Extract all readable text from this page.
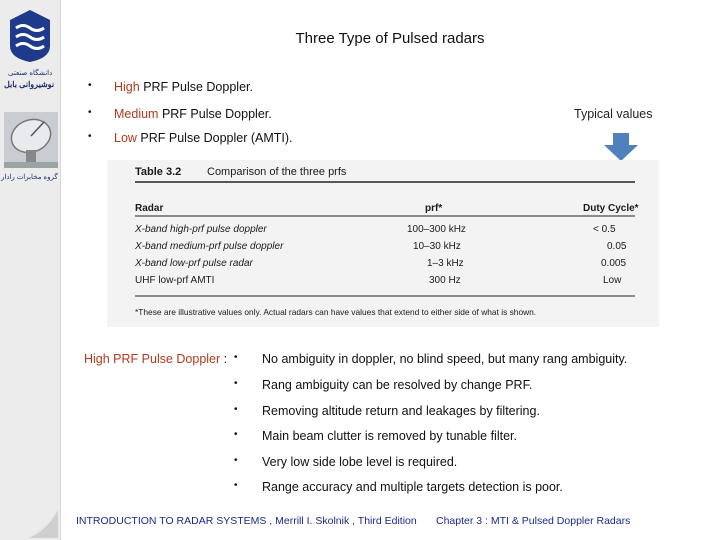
دانشگاه صنعتی
نوشیروانی بابل
گروه مخابرات رادار
Three Type of Pulsed radars
• High PRF Pulse Doppler.
• Medium PRF Pulse Doppler.
• Low PRF Pulse Doppler (AMTI).
Typical values
Table 3.2 Comparison of the three prfs
Radar	prf*	Duty Cycle*
X-band high-prf pulse doppler	100–300 kHz	< 0.5
X-band medium-prf pulse doppler	10–30 kHz	0.05
X-band low-prf pulse radar	1–3 kHz	0.005
UHF low-prf AMTI	300 Hz	Low
*These are illustrative values only. Actual radars can have values that extend to either side of what is shown.
High PRF Pulse Doppler : • No ambiguity in doppler, no blind speed, but many rang ambiguity.
• Rang ambiguity can be resolved by change PRF.
• Removing altitude return and leakages by filtering.
• Main beam clutter is removed by tunable filter.
• Very low side lobe level is required.
• Range accuracy and multiple targets detection is poor.
INTRODUCTION TO RADAR SYSTEMS , Merrill I. Skolnik , Third Edition Chapter 3 : MTI & Pulsed Doppler Radars
